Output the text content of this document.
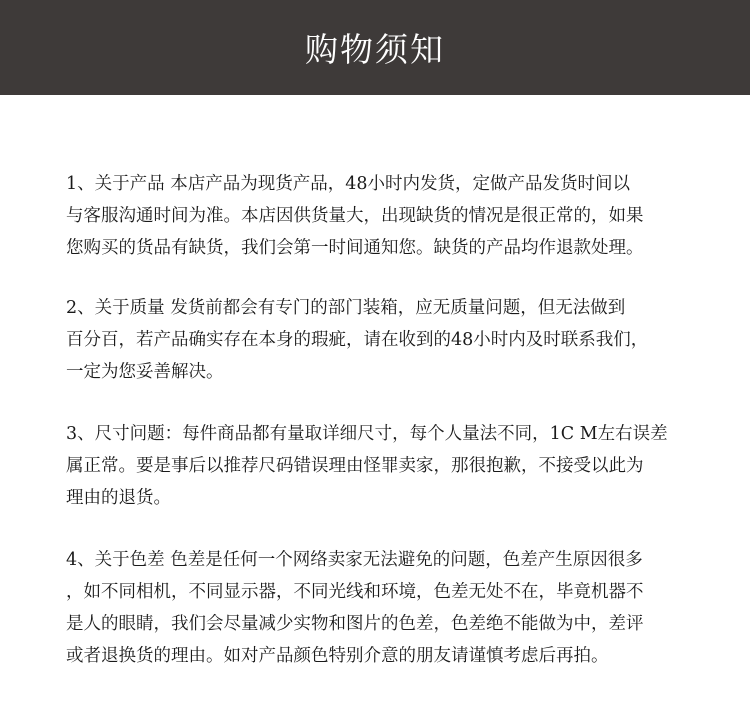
购物须知
1、关于产品 本店产品为现货产品，48小时内发货，定做产品发货时间以
与客服沟通时间为准。本店因供货量大，出现缺货的情况是很正常的，如果
您购买的货品有缺货，我们会第一时间通知您。缺货的产品均作退款处理。
2、关于质量 发货前都会有专门的部门装箱，应无质量问题，但无法做到
百分百，若产品确实存在本身的瑕疵，请在收到的48小时内及时联系我们，
一定为您妥善解决。
3、尺寸问题：每件商品都有量取详细尺寸，每个人量法不同，1C M左右误差
属正常。要是事后以推荐尺码错误理由怪罪卖家，那很抱歉，不接受以此为
理由的退货。
4、关于色差 色差是任何一个网络卖家无法避免的问题，色差产生原因很多
，如不同相机，不同显示器，不同光线和环境，色差无处不在，毕竟机器不
是人的眼睛，我们会尽量减少实物和图片的色差，色差绝不能做为中，差评
或者退换货的理由。如对产品颜色特别介意的朋友请谨慎考虑后再拍。
